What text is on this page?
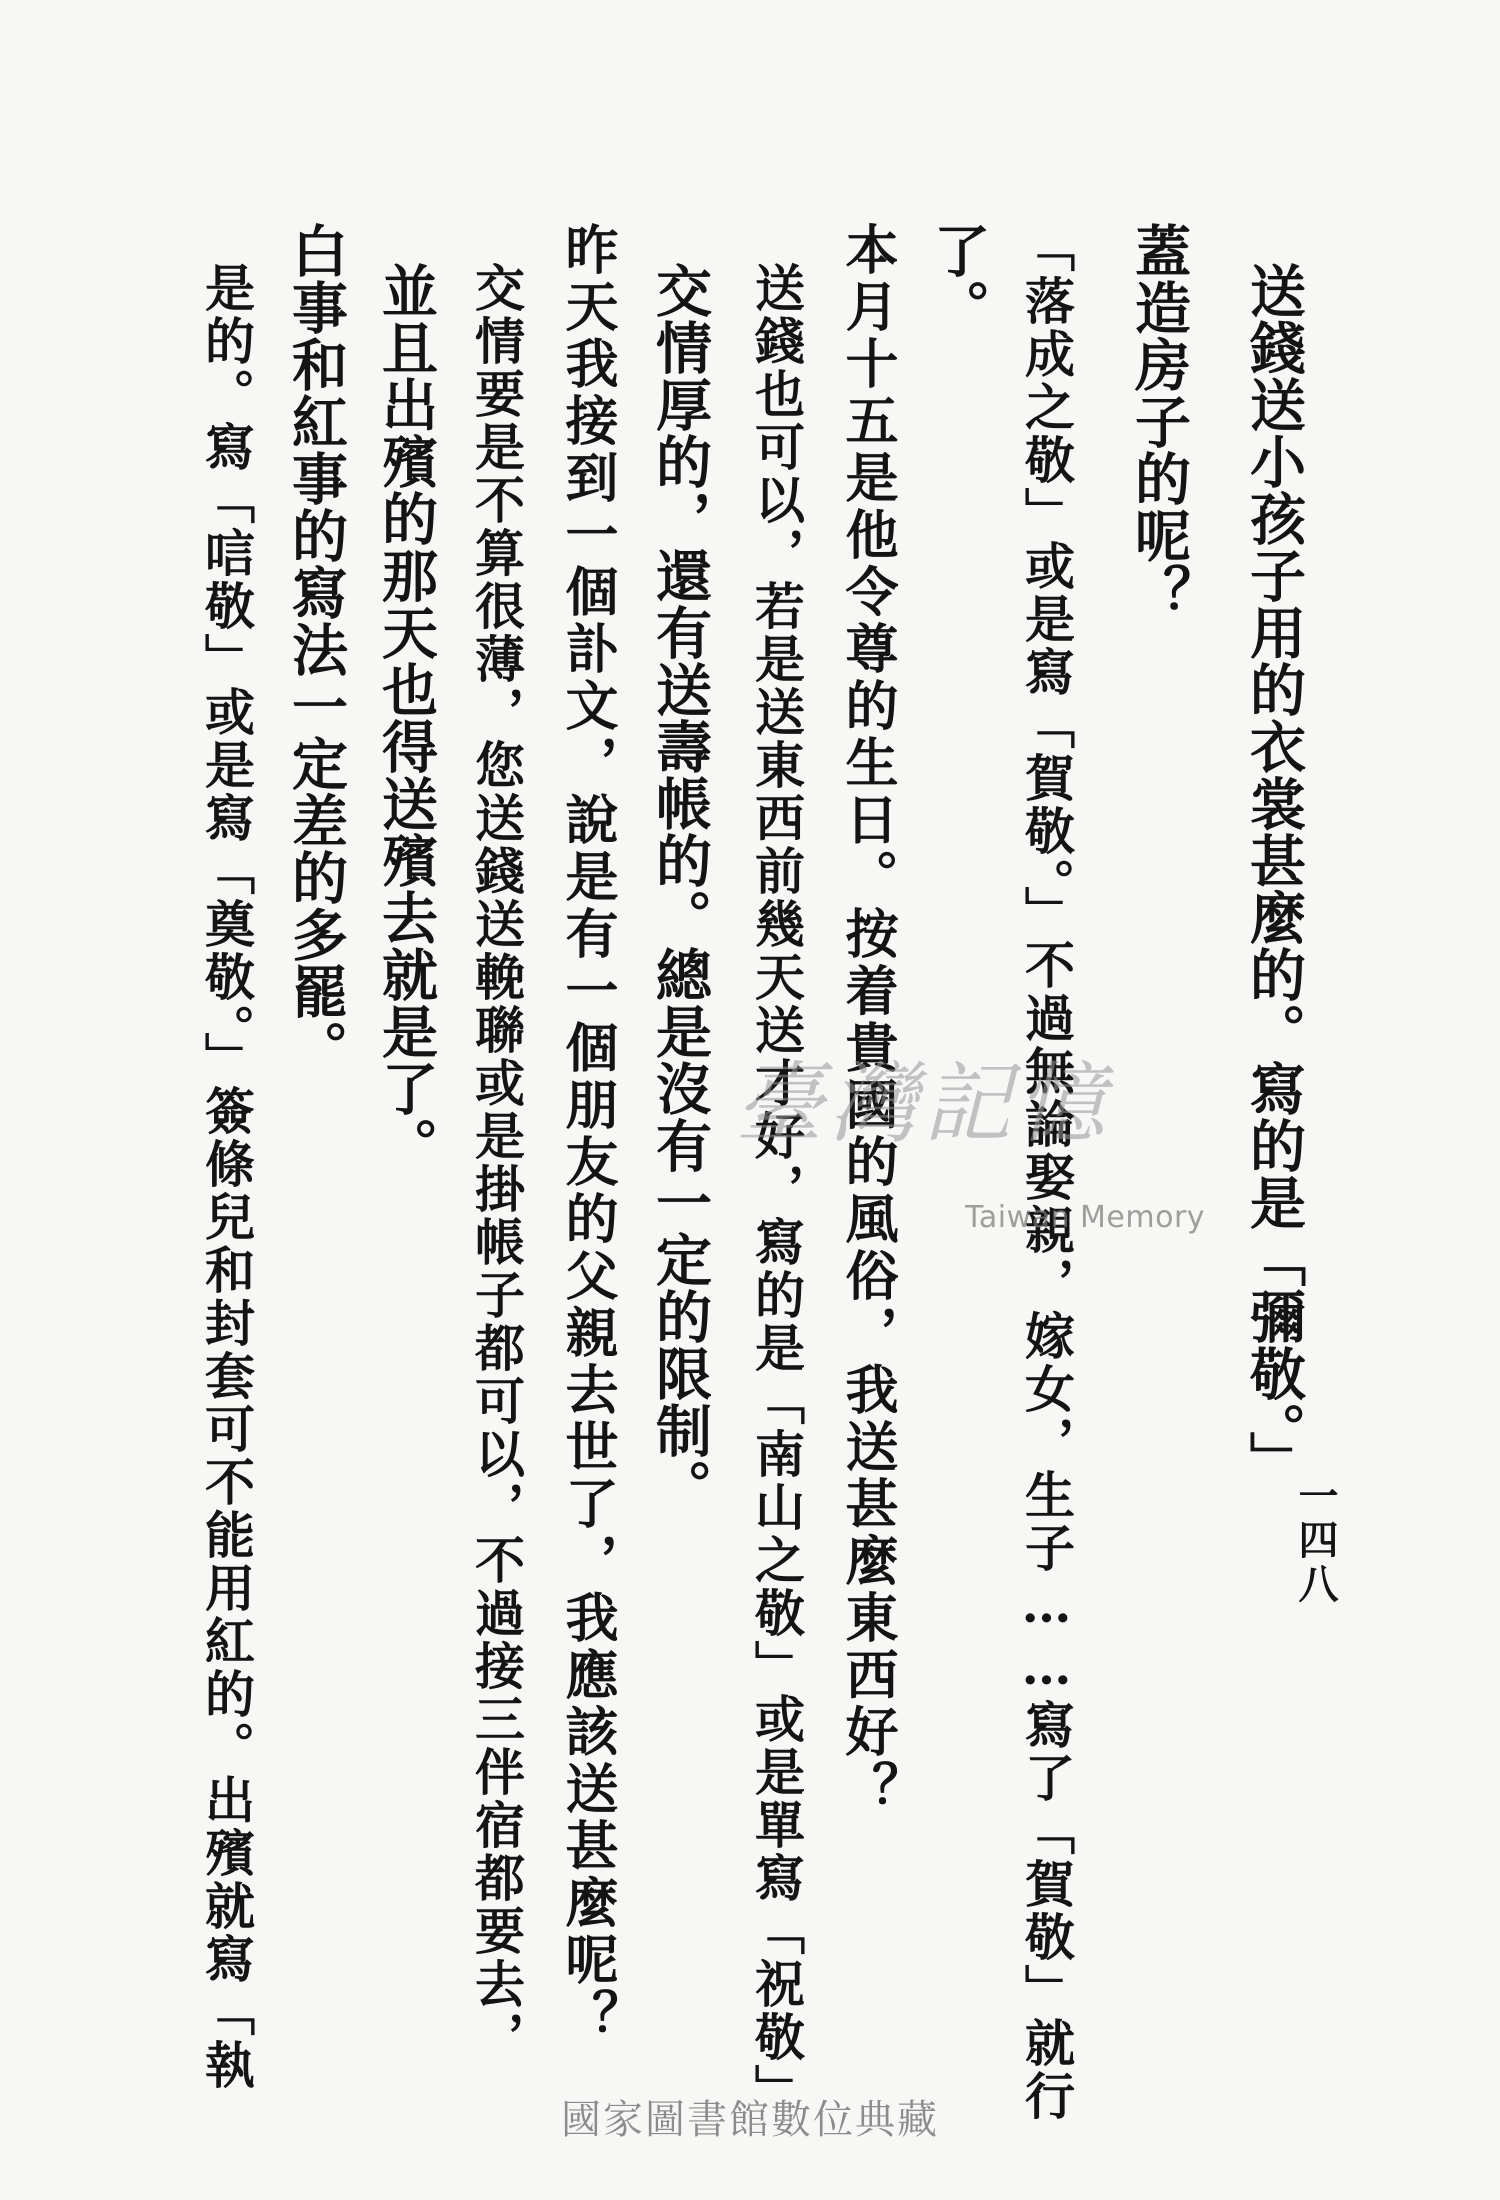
一四八
送錢送小孩子用的衣裳甚麼的。寫的是「彌敬。」
蓋造房子的呢？
「落成之敬」或是寫「賀敬。」不過無論娶親，嫁女，生子……寫了「賀敬」就行
了。
本月十五是他令尊的生日。按着貴國的風俗，我送甚麼東西好？
送錢也可以，若是送東西前幾天送才好，寫的是「南山之敬」或是單寫「祝敬」
交情厚的，還有送壽帳的。總是沒有一定的限制。
昨天我接到一個訃文，說是有一個朋友的父親去世了，我應該送甚麼呢？
交情要是不算很薄，您送錢送輓聯或是掛帳子都可以，不過接三伴宿都要去，
並且出殯的那天也得送殯去就是了。
白事和紅事的寫法一定差的多罷。
是的。寫「唁敬」或是寫「奠敬。」簽條兒和封套可不能用紅的。出殯就寫「執	臺灣記憶
Taiwan Memory
國家圖書館數位典藏
